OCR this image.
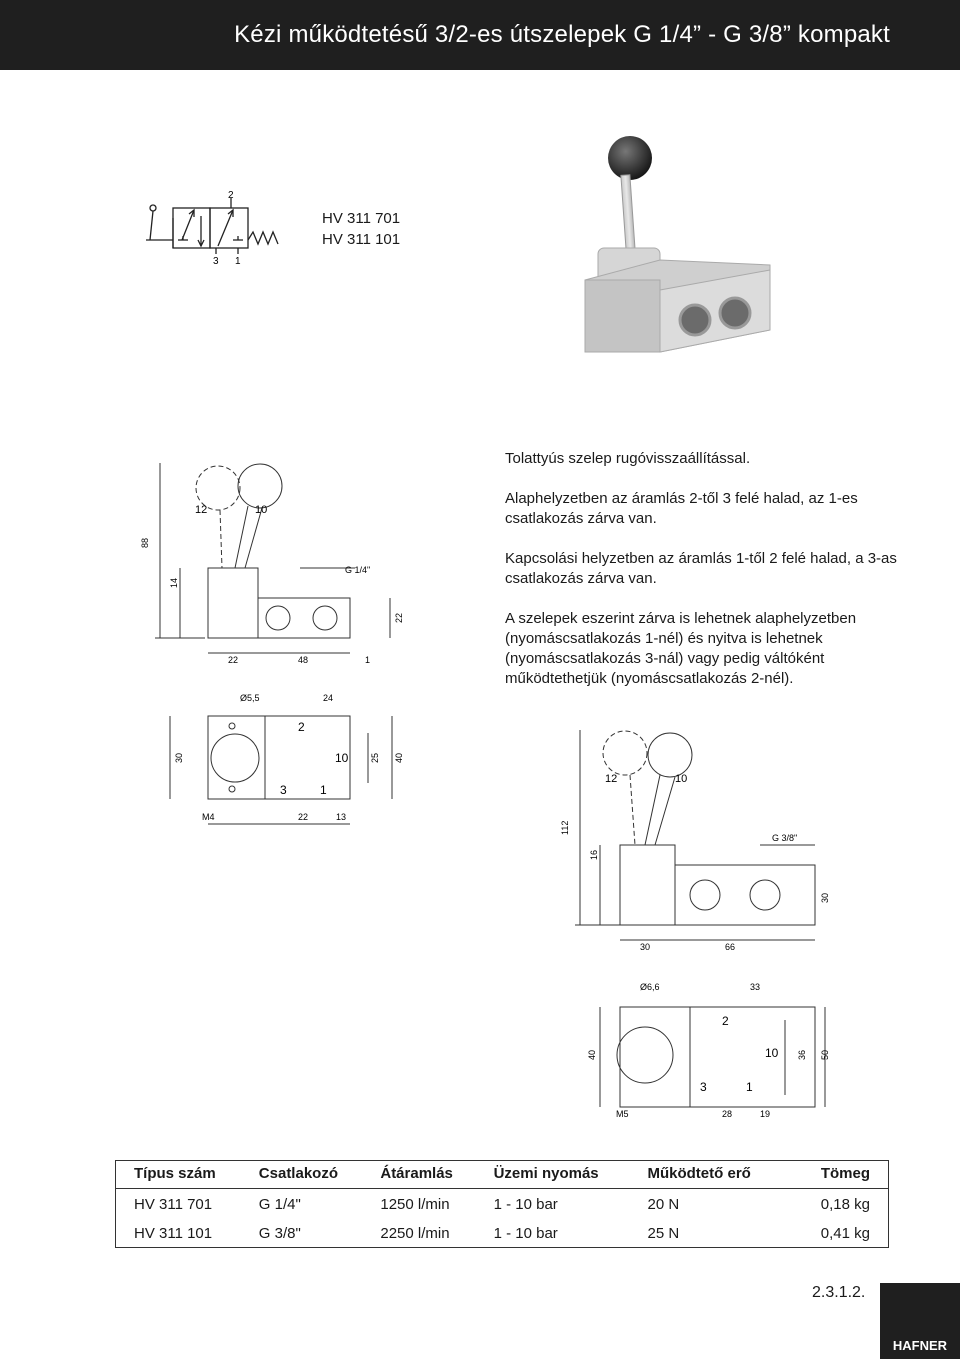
Kézi működtetésű 3/2-es útszelepek G 1/4” - G 3/8” kompakt
2
3 1
HV 311 701
HV 311 101

Tolattyús szelep rugóvisszaállítással.

Alaphelyzetben az áramlás 2-től 3 felé halad, az 1-es csatlakozás zárva van.

Kapcsolási helyzetben az áramlás 1-től 2 felé halad, a 3-as csatlakozás zárva van.

A szelepek eszerint zárva is lehetnek alaphelyzetben (nyomáscsatlakozás 1-nél) és nyitva is lehetnek (nyomáscsatlakozás 3-nál) vagy pedig váltóként működtethetjük (nyomáscsatlakozás 2-nél).

12	10
G 1/4"
88
14
22
22	48	1
Ø5,5	24
30	25 40
2
10
3	1
M4	22	13
12	10
G 3/8"
112
16
30
30	66
Ø6,6	33
40	36 50
2
10
3	1
M5	28	19
Típus szám	Csatlakozó	Átáramlás	Üzemi nyomás	Működtető erő	Tömeg
HV 311 701	G 1/4"	1250 l/min	1 - 10 bar	20 N	0,18 kg
HV 311 101	G 3/8"	2250 l/min	1 - 10 bar	25 N	0,41 kg
2.3.1.2.
HAFNER
